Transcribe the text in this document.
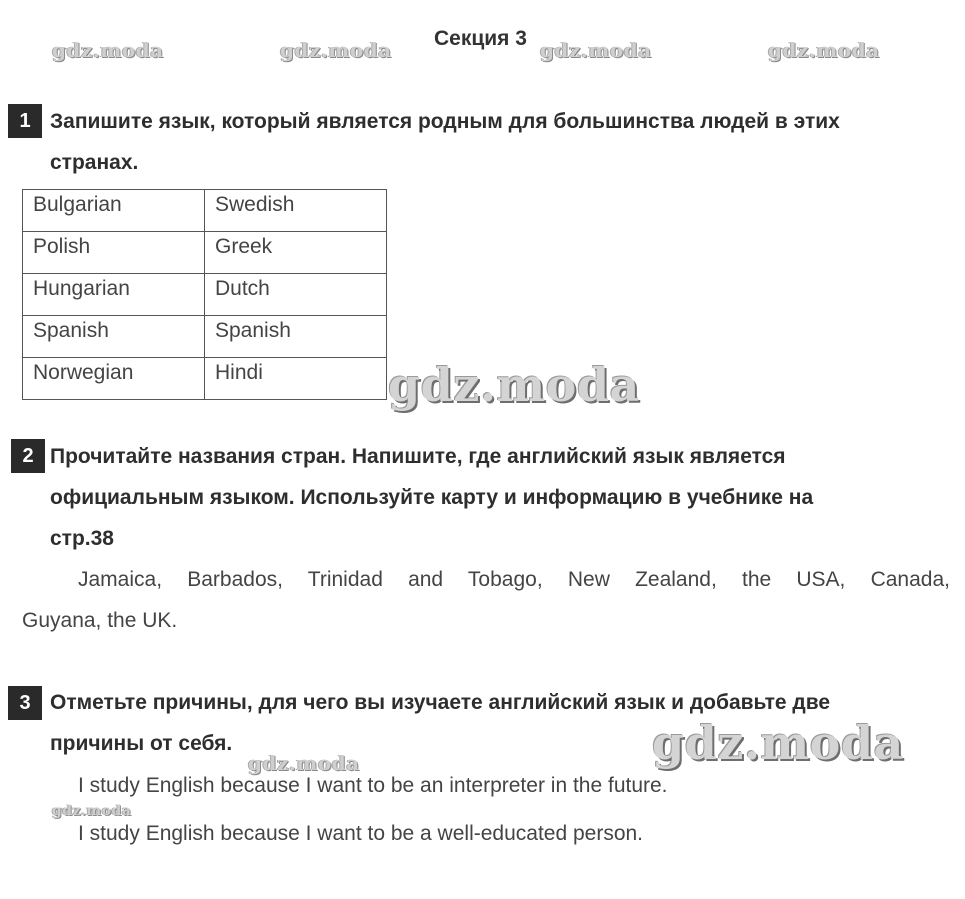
Секция 3
gdz.moda	gdz.moda	gdz.moda	gdz.moda
1 Запишите язык, который является родным для большинства людей в этих
странах.
Bulgarian	Swedish
Polish	Greek
Hungarian	Dutch
Spanish	Spanish
Norwegian	Hindi	gdz.moda
2 Прочитайте названия стран. Напишите, где английский язык является
официальным языком. Используйте карту и информацию в учебнике на
стр.38
Jamaica, Barbados, Trinidad and Tobago, New Zealand, the USA, Canada,
Guyana, the UK.
3 Отметьте причины, для чего вы изучаете английский язык и добавьте две
причины от себя.	gdz.moda
gdz.moda
I study English because I want to be an interpreter in the future.
gdz.moda
I study English because I want to be a well-educated person.
